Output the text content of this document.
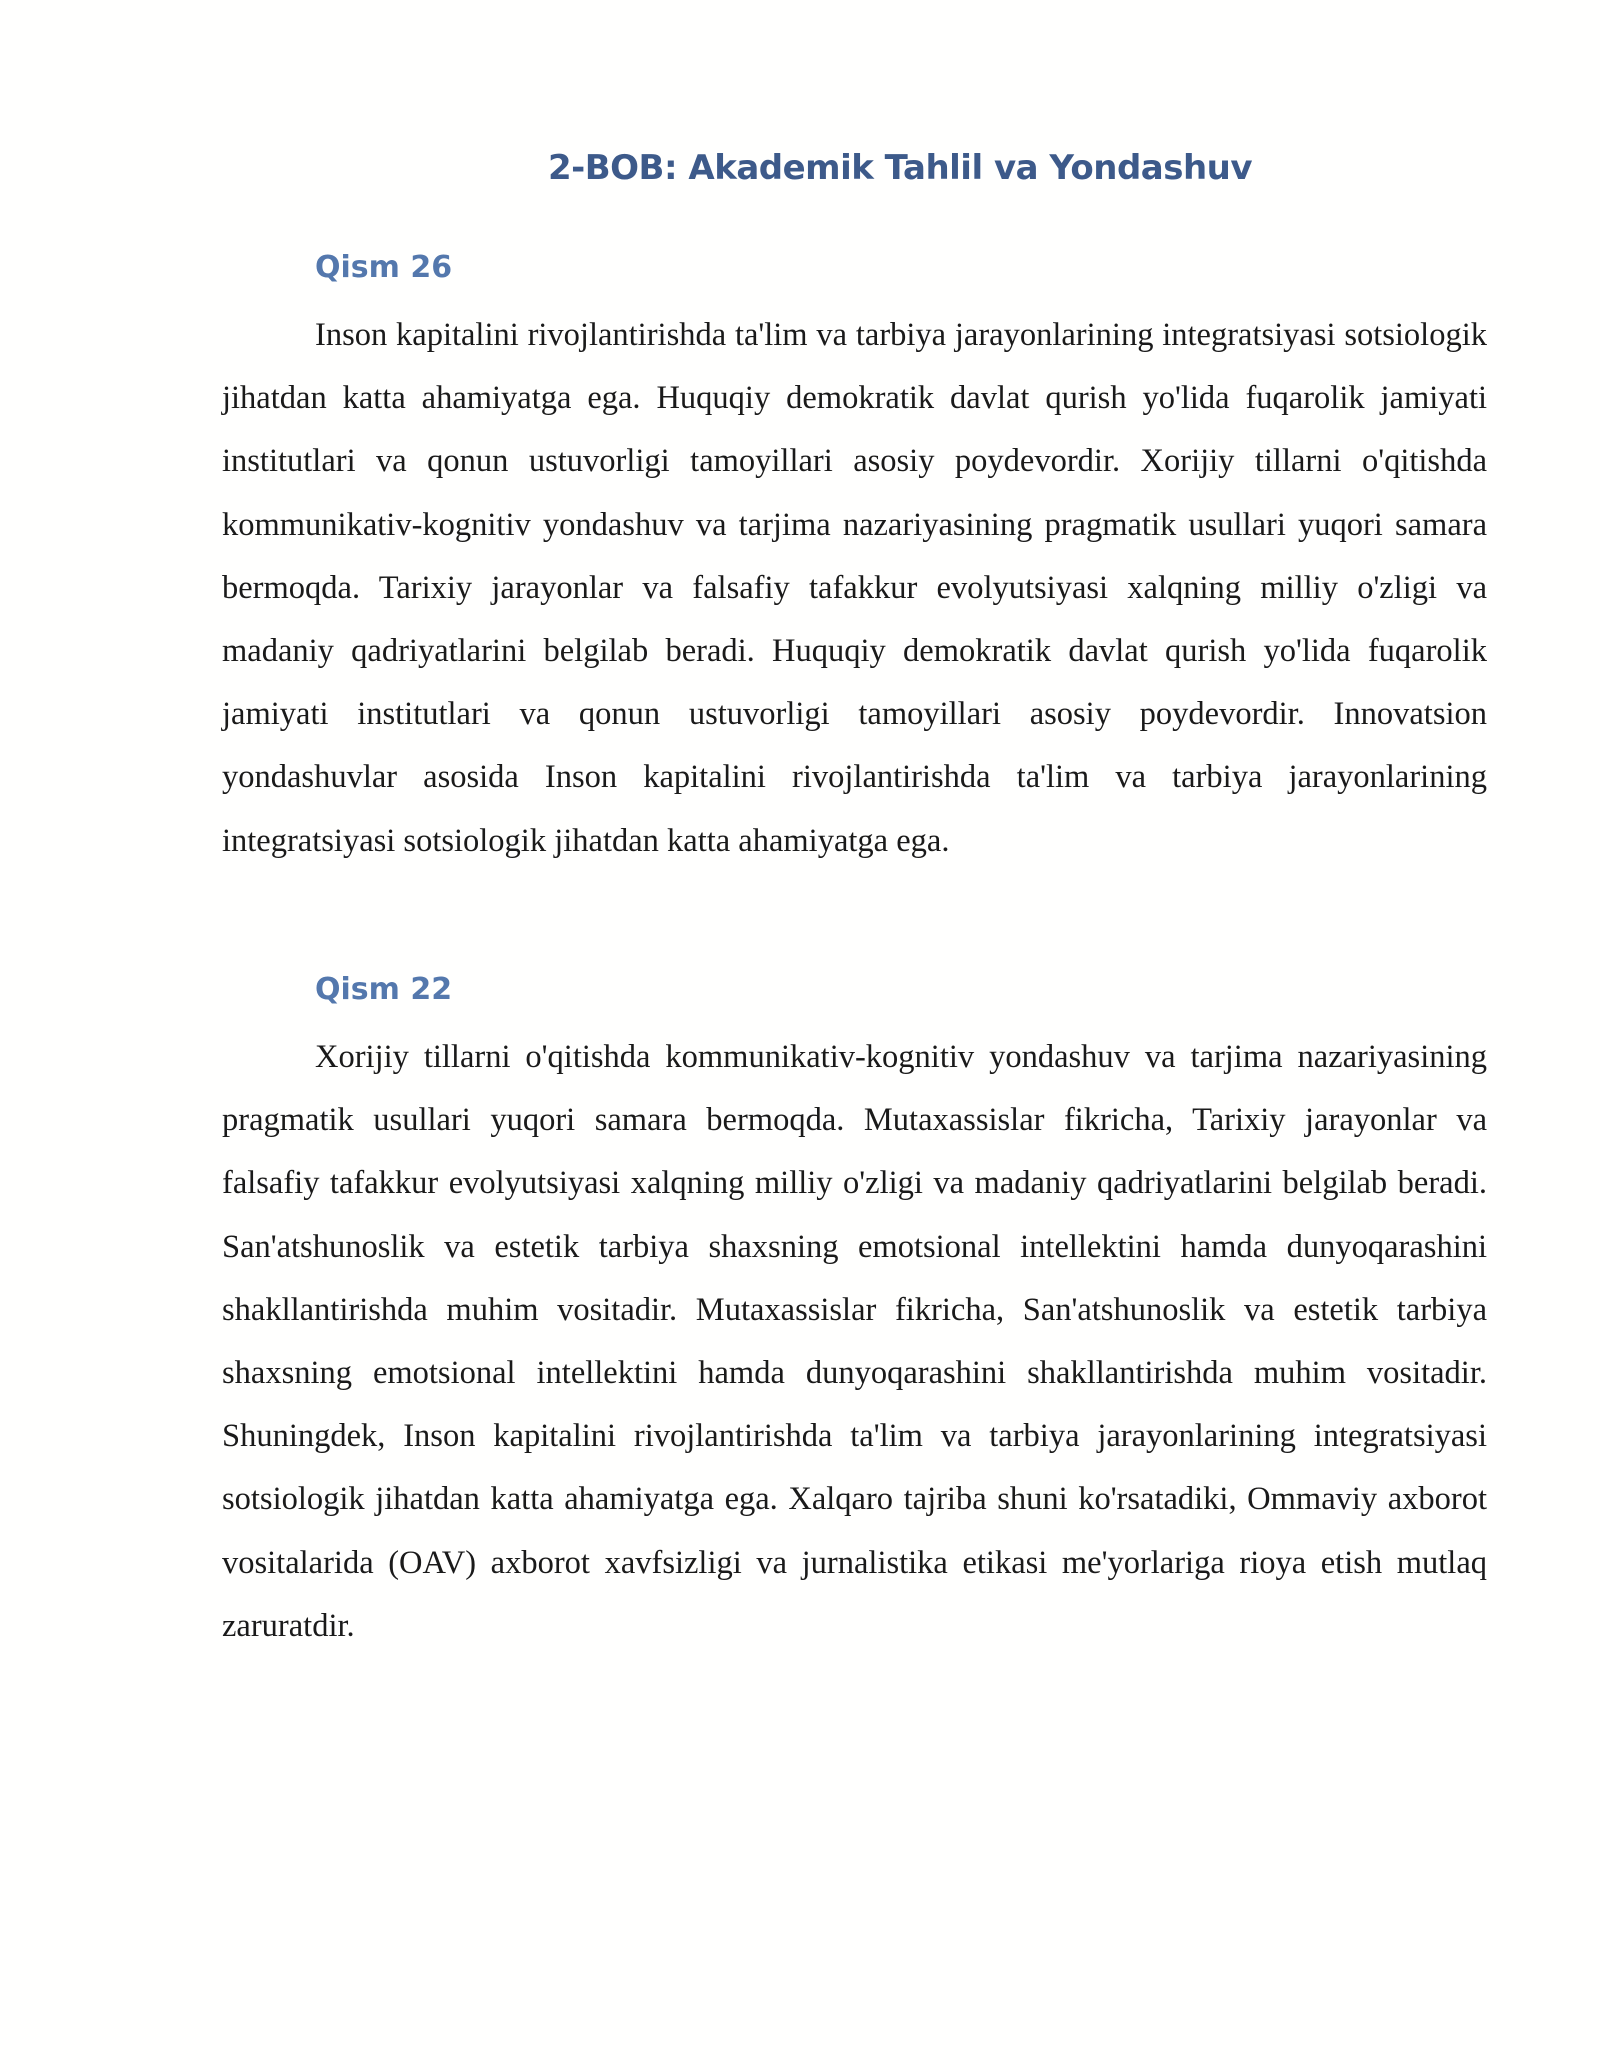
2-BOB: Akademik Tahlil va Yondashuv
Qism 26

Inson kapitalini rivojlantirishda ta'lim va tarbiya jarayonlarining integratsiyasi sotsiologik jihatdan katta ahamiyatga ega. Huquqiy demokratik davlat qurish yo'lida fuqarolik jamiyati institutlari va qonun ustuvorligi tamoyillari asosiy poydevordir. Xorijiy tillarni o'qitishda kommunikativ-kognitiv yondashuv va tarjima nazariyasining pragmatik usullari yuqori samara bermoqda. Tarixiy jarayonlar va falsafiy tafakkur evolyutsiyasi xalqning milliy o'zligi va madaniy qadriyatlarini belgilab beradi. Huquqiy demokratik davlat qurish yo'lida fuqarolik jamiyati institutlari va qonun ustuvorligi tamoyillari asosiy poydevordir. Innovatsion yondashuvlar asosida Inson kapitalini rivojlantirishda ta'lim va tarbiya jarayonlarining integratsiyasi sotsiologik jihatdan katta ahamiyatga ega.

Qism 22

Xorijiy tillarni o'qitishda kommunikativ-kognitiv yondashuv va tarjima nazariyasining pragmatik usullari yuqori samara bermoqda. Mutaxassislar fikricha, Tarixiy jarayonlar va falsafiy tafakkur evolyutsiyasi xalqning milliy o'zligi va madaniy qadriyatlarini belgilab beradi. San'atshunoslik va estetik tarbiya shaxsning emotsional intellektini hamda dunyoqarashini shakllantirishda muhim vositadir. Mutaxassislar fikricha, San'atshunoslik va estetik tarbiya shaxsning emotsional intellektini hamda dunyoqarashini shakllantirishda muhim vositadir. Shuningdek, Inson kapitalini rivojlantirishda ta'lim va tarbiya jarayonlarining integratsiyasi sotsiologik jihatdan katta ahamiyatga ega. Xalqaro tajriba shuni ko'rsatadiki, Ommaviy axborot vositalarida (OAV) axborot xavfsizligi va jurnalistika etikasi me'yorlariga rioya etish mutlaq zaruratdir.
